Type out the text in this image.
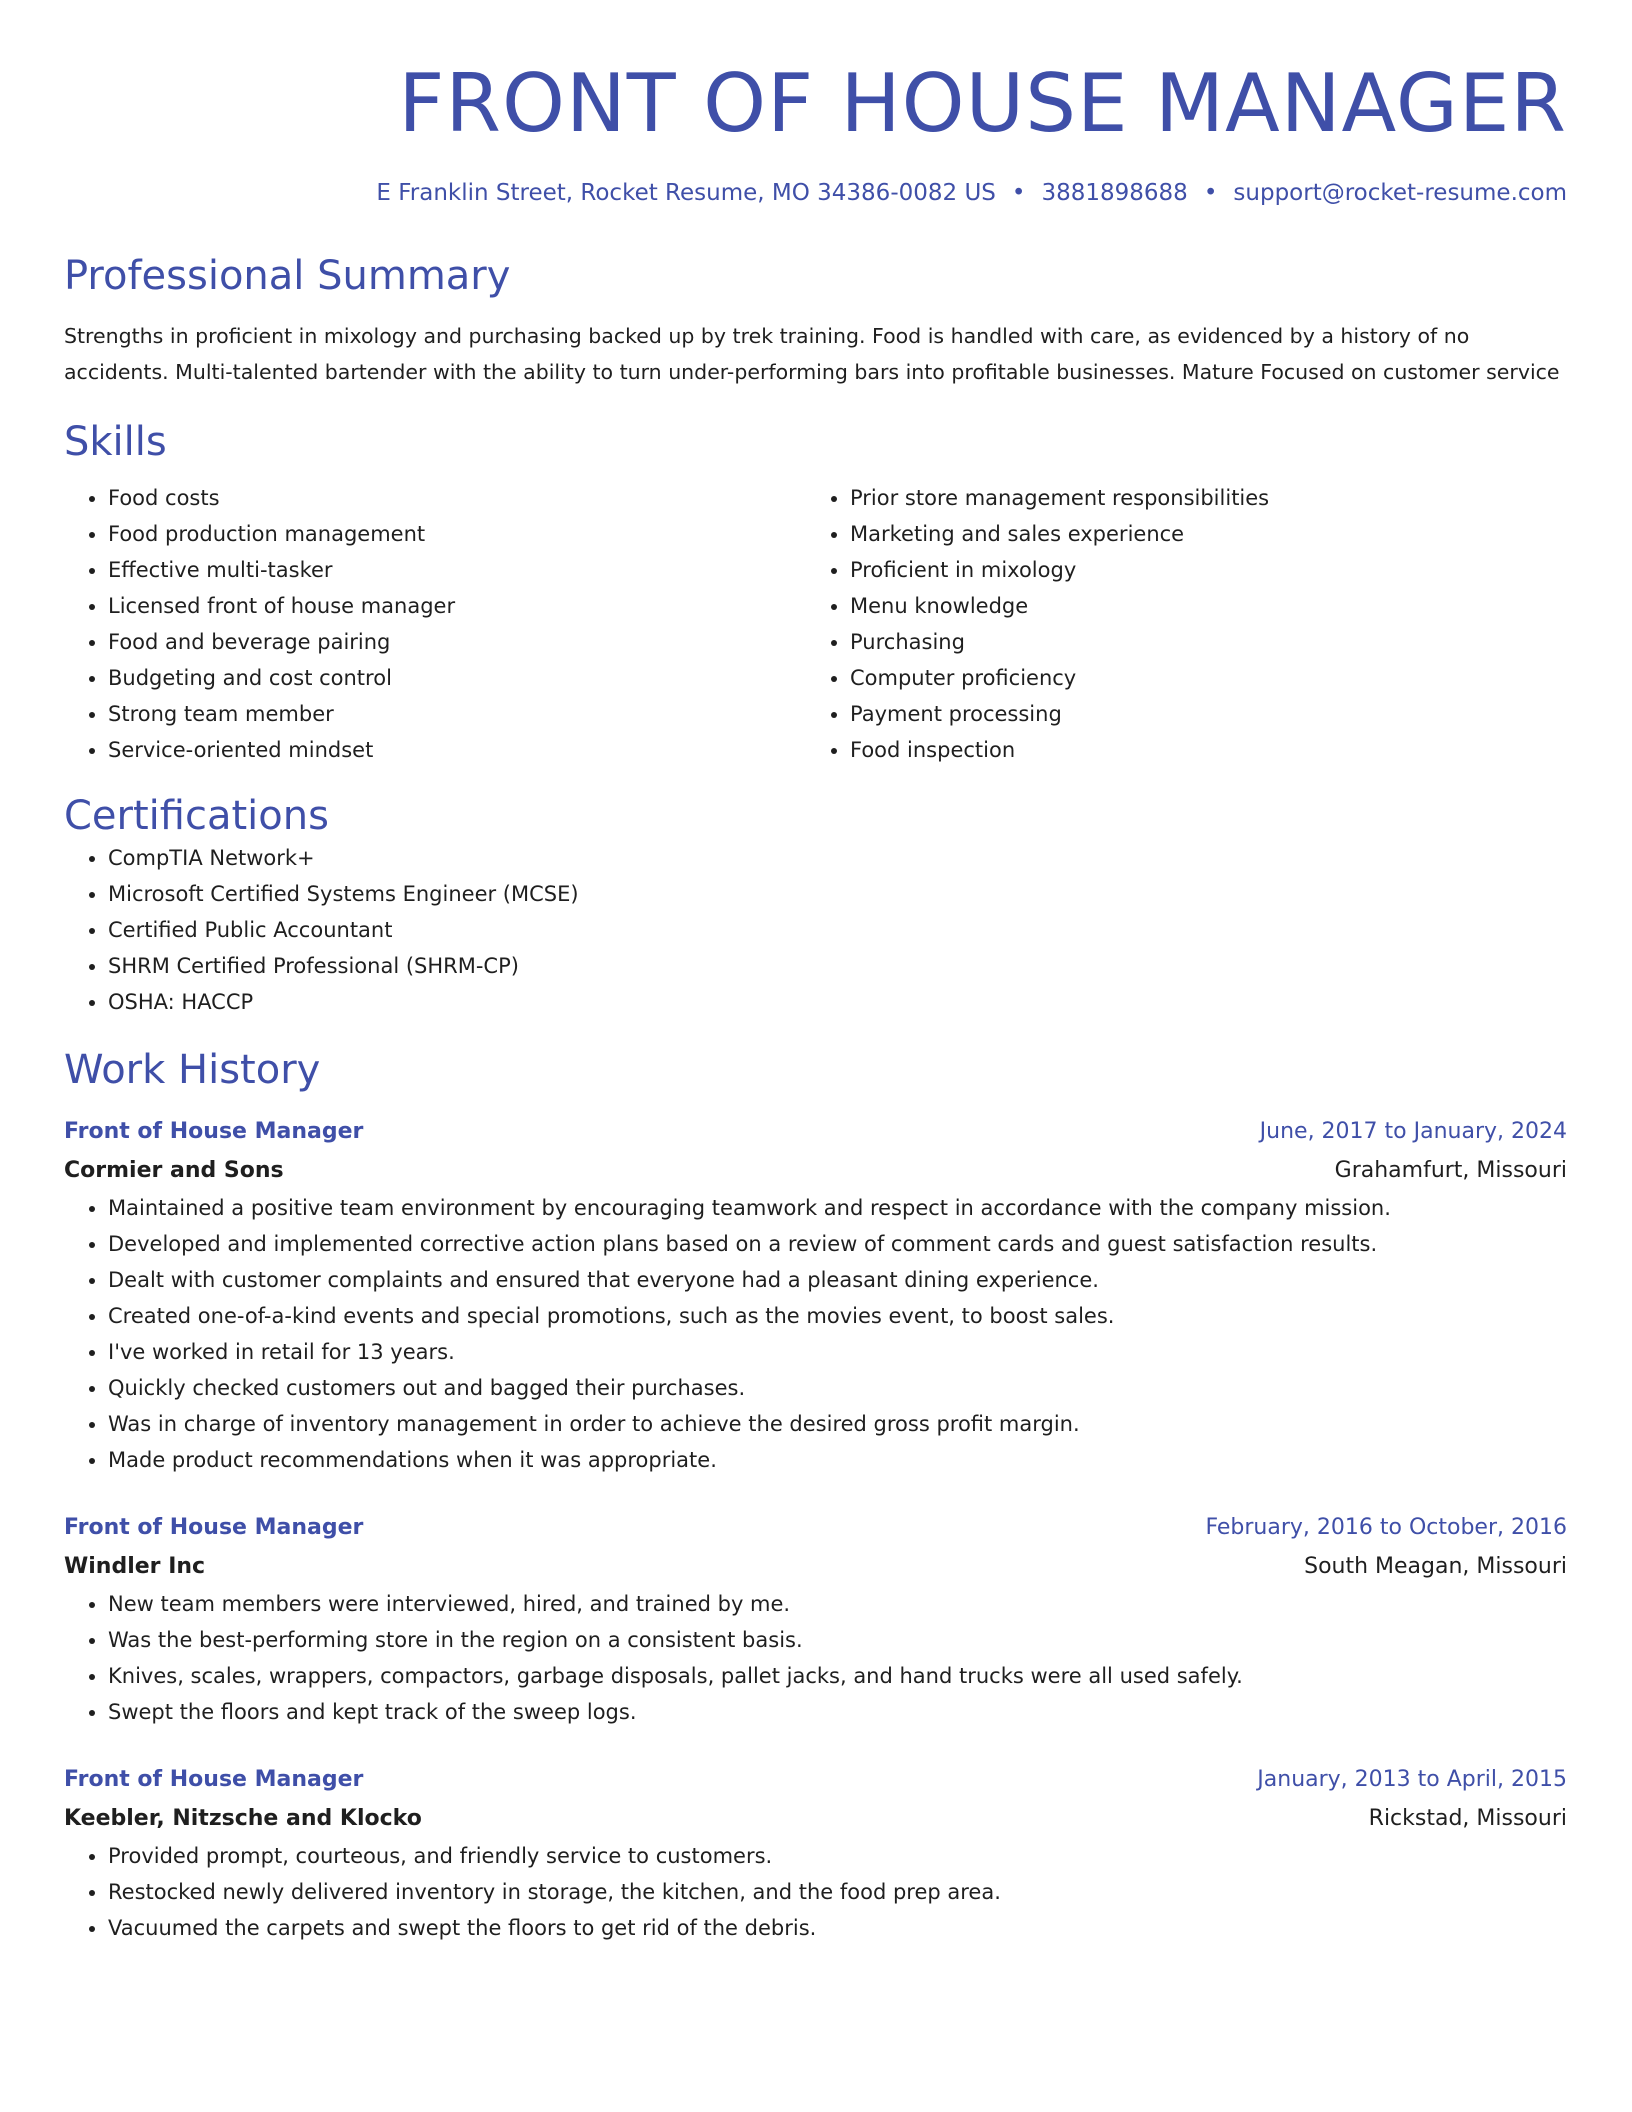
FRONT OF HOUSE MANAGER
E Franklin Street, Rocket Resume, MO 34386-0082 US • 3881898688 • support@rocket-resume.com
Professional Summary
Strengths in proficient in mixology and purchasing backed up by trek training. Food is handled with care, as evidenced by a history of no accidents. Multi-talented bartender with the ability to turn under-performing bars into profitable businesses. Mature Focused on customer service
Skills
• Food costs
• Food production management
• Effective multi-tasker
• Licensed front of house manager
• Food and beverage pairing
• Budgeting and cost control
• Strong team member
• Service-oriented mindset
• Prior store management responsibilities
• Marketing and sales experience
• Proficient in mixology
• Menu knowledge
• Purchasing
• Computer proficiency
• Payment processing
• Food inspection
Certifications
• CompTIA Network+
• Microsoft Certified Systems Engineer (MCSE)
• Certified Public Accountant
• SHRM Certified Professional (SHRM-CP)
• OSHA: HACCP
Work History
Front of House Manager	June, 2017 to January, 2024
Cormier and Sons	Grahamfurt, Missouri
• Maintained a positive team environment by encouraging teamwork and respect in accordance with the company mission.
• Developed and implemented corrective action plans based on a review of comment cards and guest satisfaction results.
• Dealt with customer complaints and ensured that everyone had a pleasant dining experience.
• Created one-of-a-kind events and special promotions, such as the movies event, to boost sales.
• I've worked in retail for 13 years.
• Quickly checked customers out and bagged their purchases.
• Was in charge of inventory management in order to achieve the desired gross profit margin.
• Made product recommendations when it was appropriate.
Front of House Manager	February, 2016 to October, 2016
Windler Inc	South Meagan, Missouri
• New team members were interviewed, hired, and trained by me.
• Was the best-performing store in the region on a consistent basis.
• Knives, scales, wrappers, compactors, garbage disposals, pallet jacks, and hand trucks were all used safely.
• Swept the floors and kept track of the sweep logs.
Front of House Manager	January, 2013 to April, 2015
Keebler, Nitzsche and Klocko	Rickstad, Missouri
• Provided prompt, courteous, and friendly service to customers.
• Restocked newly delivered inventory in storage, the kitchen, and the food prep area.
• Vacuumed the carpets and swept the floors to get rid of the debris.
